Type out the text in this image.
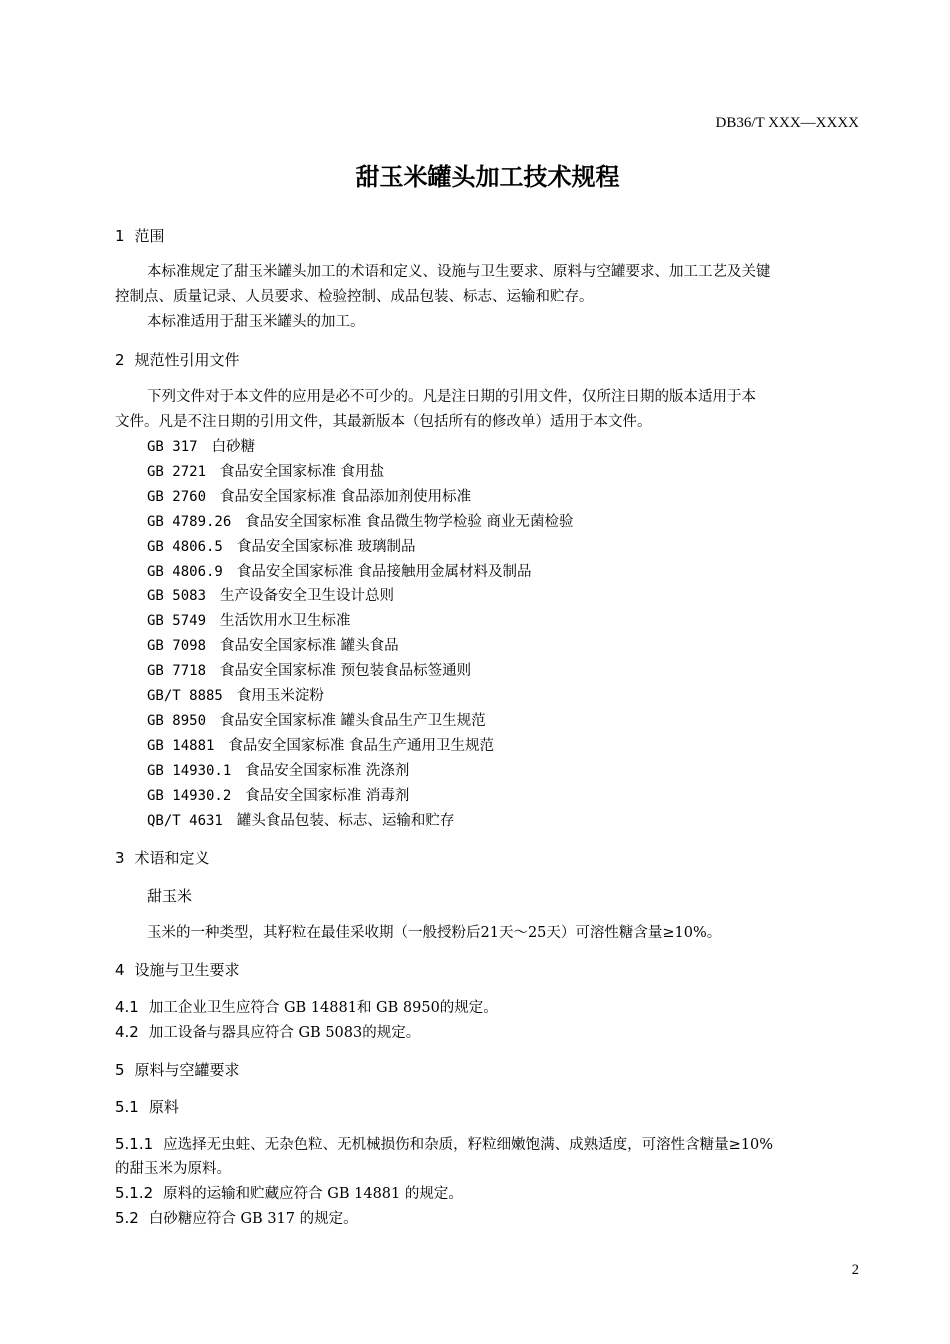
DB36/T XXX—XXXX
甜玉米罐头加工技术规程
1 范围
本标准规定了甜玉米罐头加工的术语和定义、设施与卫生要求、原料与空罐要求、加工工艺及关键
控制点、质量记录、人员要求、检验控制、成品包装、标志、运输和贮存。
本标准适用于甜玉米罐头的加工。
2 规范性引用文件
下列文件对于本文件的应用是必不可少的。凡是注日期的引用文件，仅所注日期的版本适用于本
文件。凡是不注日期的引用文件，其最新版本（包括所有的修改单）适用于本文件。
GB 317 白砂糖
GB 2721 食品安全国家标准 食用盐
GB 2760 食品安全国家标准 食品添加剂使用标准
GB 4789.26 食品安全国家标准 食品微生物学检验 商业无菌检验
GB 4806.5 食品安全国家标准 玻璃制品
GB 4806.9 食品安全国家标准 食品接触用金属材料及制品
GB 5083 生产设备安全卫生设计总则
GB 5749 生活饮用水卫生标准
GB 7098 食品安全国家标准 罐头食品
GB 7718 食品安全国家标准 预包装食品标签通则
GB/T 8885 食用玉米淀粉
GB 8950 食品安全国家标准 罐头食品生产卫生规范
GB 14881 食品安全国家标准 食品生产通用卫生规范
GB 14930.1 食品安全国家标准 洗涤剂
GB 14930.2 食品安全国家标准 消毒剂
QB/T 4631 罐头食品包装、标志、运输和贮存
3 术语和定义
甜玉米
玉米的一种类型，其籽粒在最佳采收期（一般授粉后21天～25天）可溶性糖含量≥10%。
4 设施与卫生要求
4.1 加工企业卫生应符合 GB 14881和 GB 8950的规定。
4.2 加工设备与器具应符合 GB 5083的规定。
5 原料与空罐要求
5.1 原料
5.1.1 应选择无虫蛀、无杂色粒、无机械损伤和杂质，籽粒细嫩饱满、成熟适度，可溶性含糖量≥10%
的甜玉米为原料。
5.1.2 原料的运输和贮藏应符合 GB 14881 的规定。
5.2 白砂糖应符合 GB 317 的规定。
2
